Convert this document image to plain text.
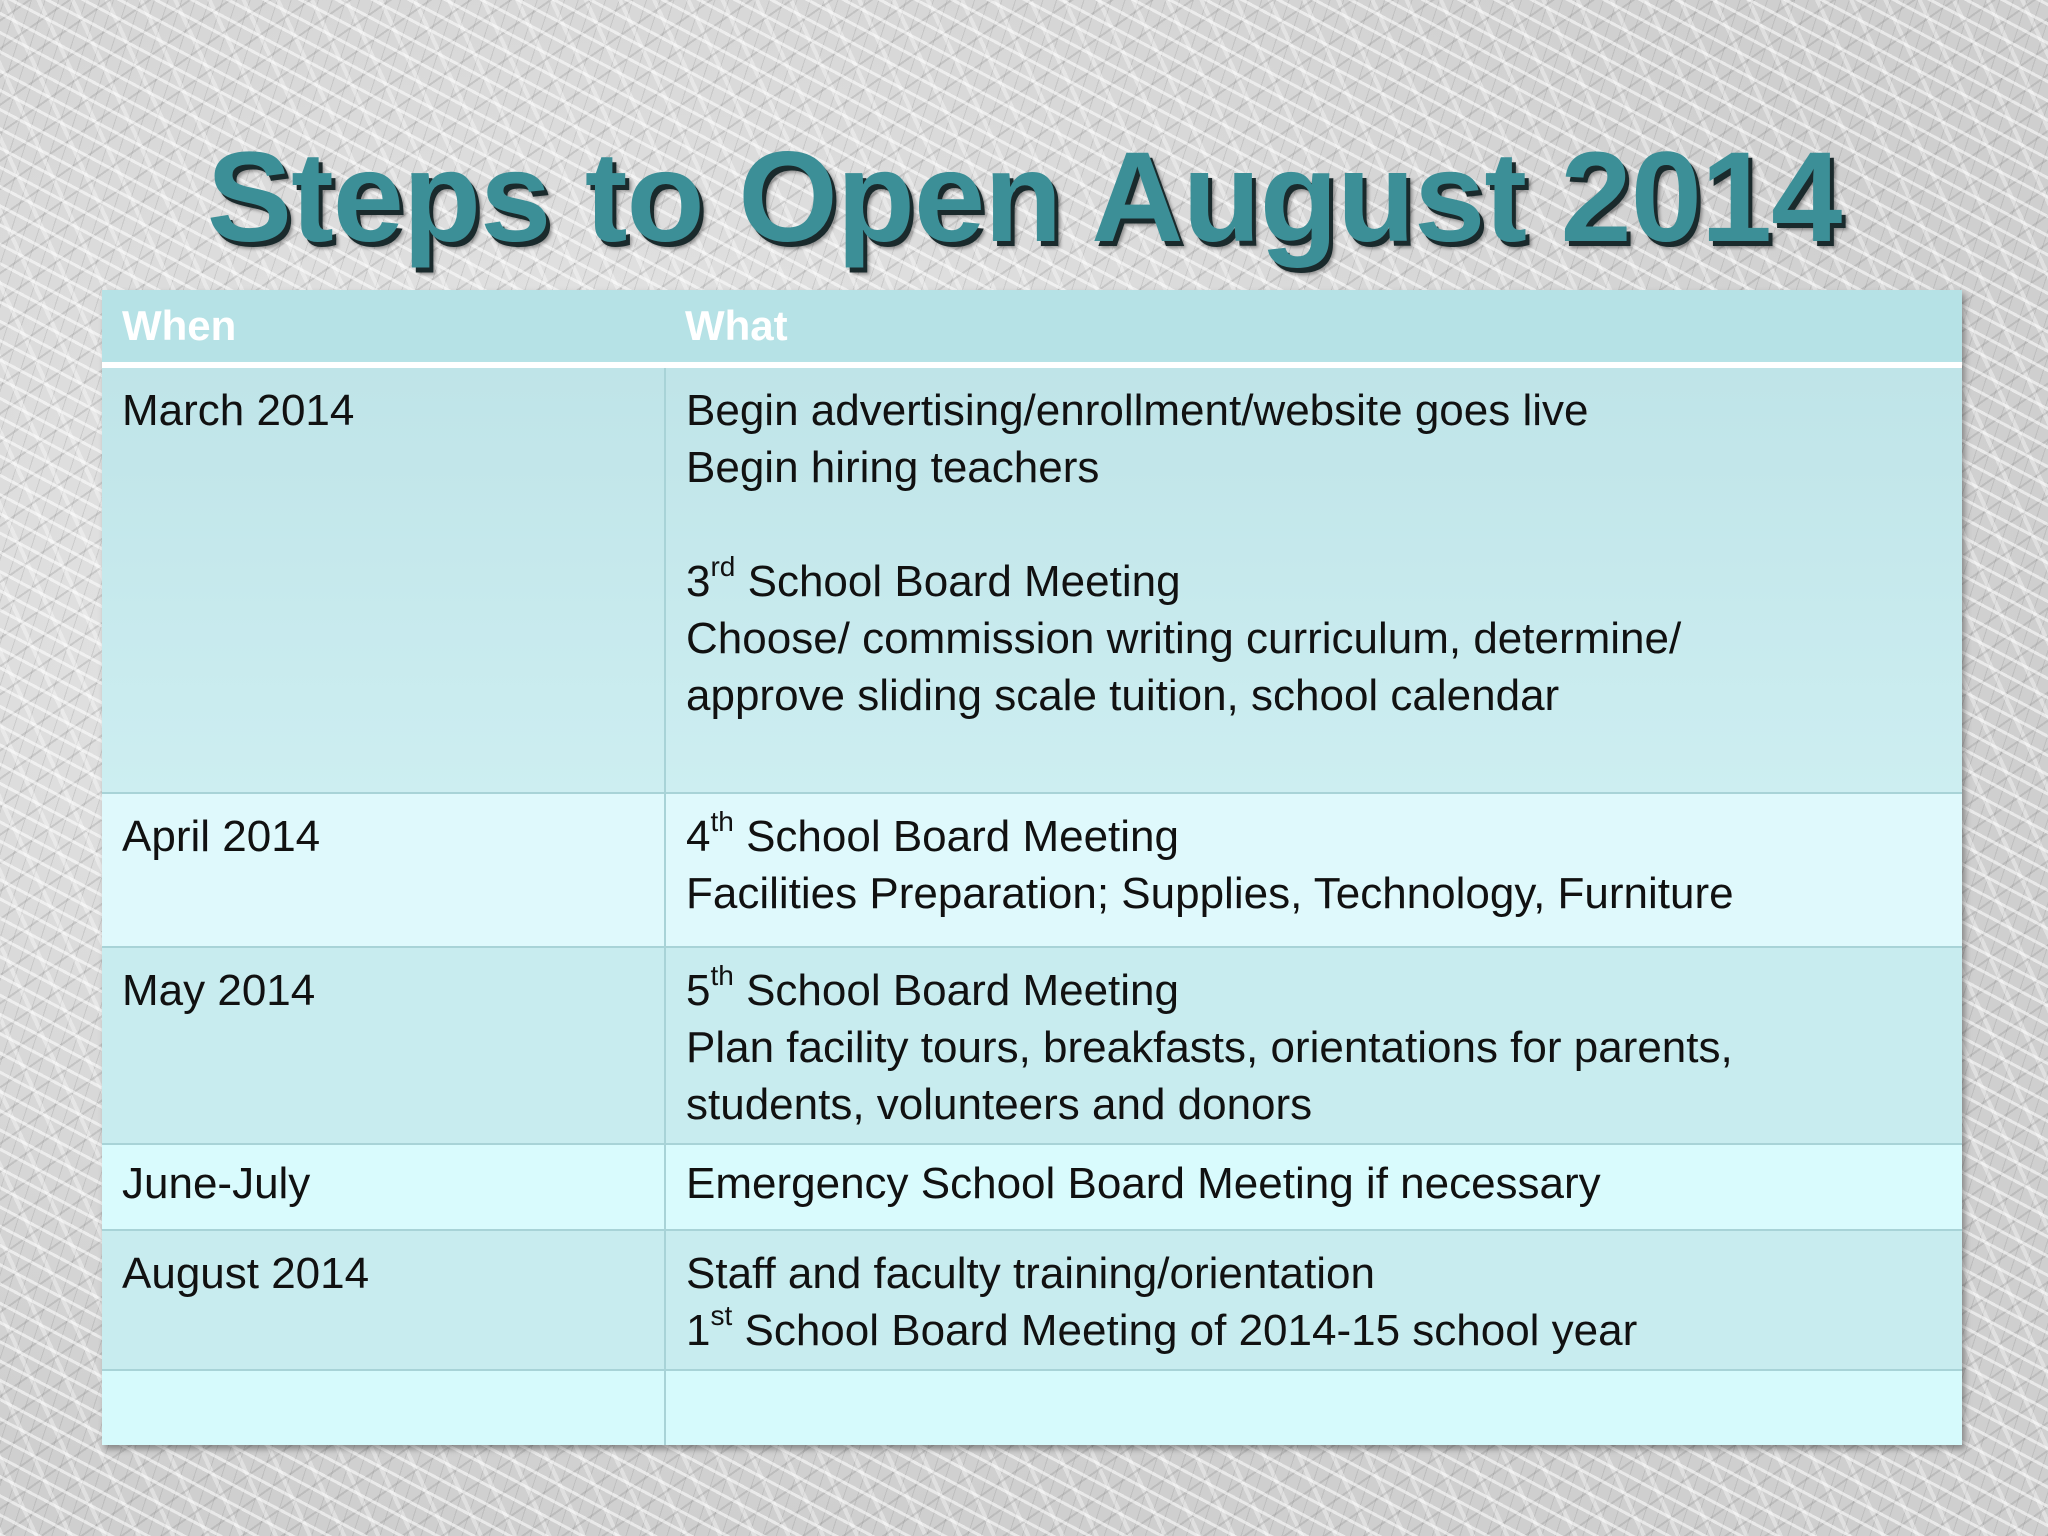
Steps to Open August 2014
When	What
March 2014	Begin advertising/enrollment/website goes live
Begin hiring teachers
3rd School Board Meeting
Choose/ commission writing curriculum, determine/
approve sliding scale tuition, school calendar

April 2014	4th School Board Meeting
Facilities Preparation; Supplies, Technology, Furniture

May 2014	5th School Board Meeting
Plan facility tours, breakfasts, orientations for parents,
students, volunteers and donors

June-July	Emergency School Board Meeting if necessary

August 2014	Staff and faculty training/orientation
1st School Board Meeting of 2014-15 school year
